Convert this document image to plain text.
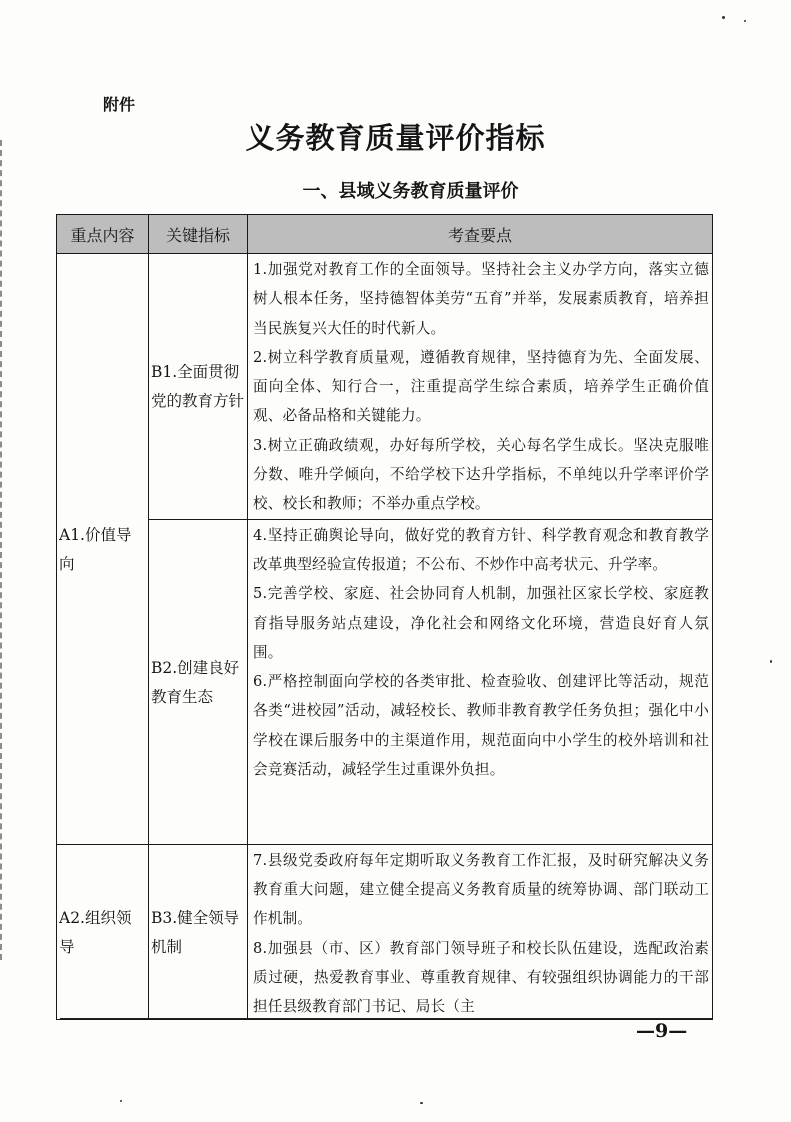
附件
义务教育质量评价指标
一、县域义务教育质量评价
重点内容	关键指标	考查要点

A1.价值导向	B1.全面贯彻党的教育方针	1.加强党对教育工作的全面领导。坚持社会主义办学方向，落实立德树人根本任务，坚持德智体美劳“五育”并举，发展素质教育，培养担当民族复兴大任的时代新人。

2.树立科学教育质量观，遵循教育规律，坚持德育为先、全面发展、面向全体、知行合一，注重提高学生综合素质，培养学生正确价值观、必备品格和关键能力。

3.树立正确政绩观，办好每所学校，关心每名学生成长。坚决克服唯分数、唯升学倾向，不给学校下达升学指标，不单纯以升学率评价学校、校长和教师；不举办重点学校。

	B2.创建良好教育生态	4.坚持正确舆论导向，做好党的教育方针、科学教育观念和教育教学改革典型经验宣传报道；不公布、不炒作中高考状元、升学率。

5.完善学校、家庭、社会协同育人机制，加强社区家长学校、家庭教育指导服务站点建设，净化社会和网络文化环境，营造良好育人氛围。

6.严格控制面向学校的各类审批、检查验收、创建评比等活动，规范各类“进校园”活动，减轻校长、教师非教育教学任务负担；强化中小学校在课后服务中的主渠道作用，规范面向中小学生的校外培训和社会竞赛活动，减轻学生过重课外负担。

A2.组织领导	B3.健全领导机制	7.县级党委政府每年定期听取义务教育工作汇报，及时研究解决义务教育重大问题，建立健全提高义务教育质量的统筹协调、部门联动工作机制。

8.加强县（市、区）教育部门领导班子和校长队伍建设，选配政治素质过硬，热爱教育事业、尊重教育规律、有较强组织协调能力的干部担任县级教育部门书记、局长（主

—9—
